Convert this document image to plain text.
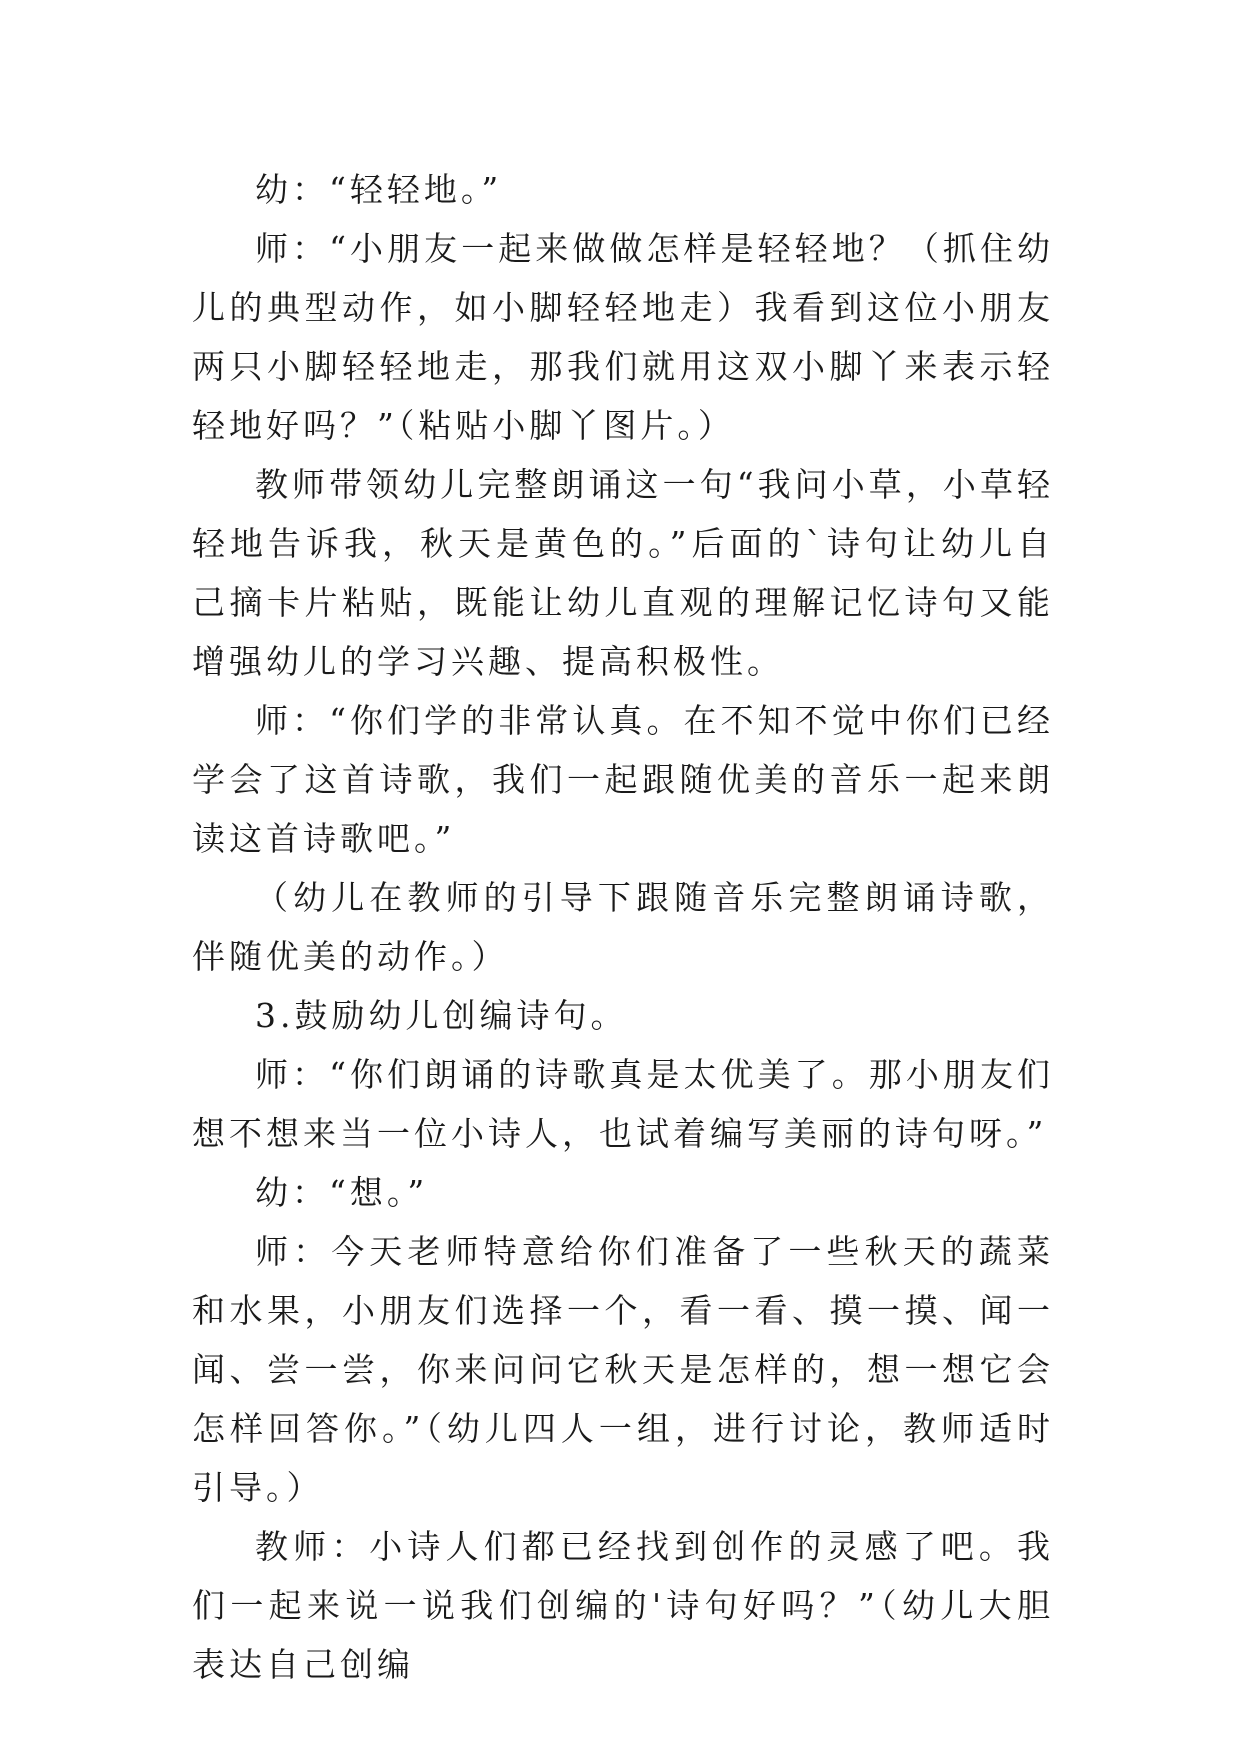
幼：“轻轻地。”

师：“小朋友一起来做做怎样是轻轻地？（抓住幼儿的典型动作，如小脚轻轻地走）我看到这位小朋友两只小脚轻轻地走，那我们就用这双小脚丫来表示轻轻地好吗？”（粘贴小脚丫图片。）

教师带领幼儿完整朗诵这一句“我问小草，小草轻轻地告诉我，秋天是黄色的。”后面的`诗句让幼儿自己摘卡片粘贴，既能让幼儿直观的理解记忆诗句又能增强幼儿的学习兴趣、提高积极性。

师：“你们学的非常认真。在不知不觉中你们已经学会了这首诗歌，我们一起跟随优美的音乐一起来朗读这首诗歌吧。”

（幼儿在教师的引导下跟随音乐完整朗诵诗歌，伴随优美的动作。）

3.鼓励幼儿创编诗句。

师：“你们朗诵的诗歌真是太优美了。那小朋友们想不想来当一位小诗人，也试着编写美丽的诗句呀。”

幼：“想。”

师：今天老师特意给你们准备了一些秋天的蔬菜和水果，小朋友们选择一个，看一看、摸一摸、闻一闻、尝一尝，你来问问它秋天是怎样的，想一想它会怎样回答你。”（幼儿四人一组，进行讨论，教师适时引导。）

教师：小诗人们都已经找到创作的灵感了吧。我们一起来说一说我们创编的'诗句好吗？”（幼儿大胆表达自己创编
